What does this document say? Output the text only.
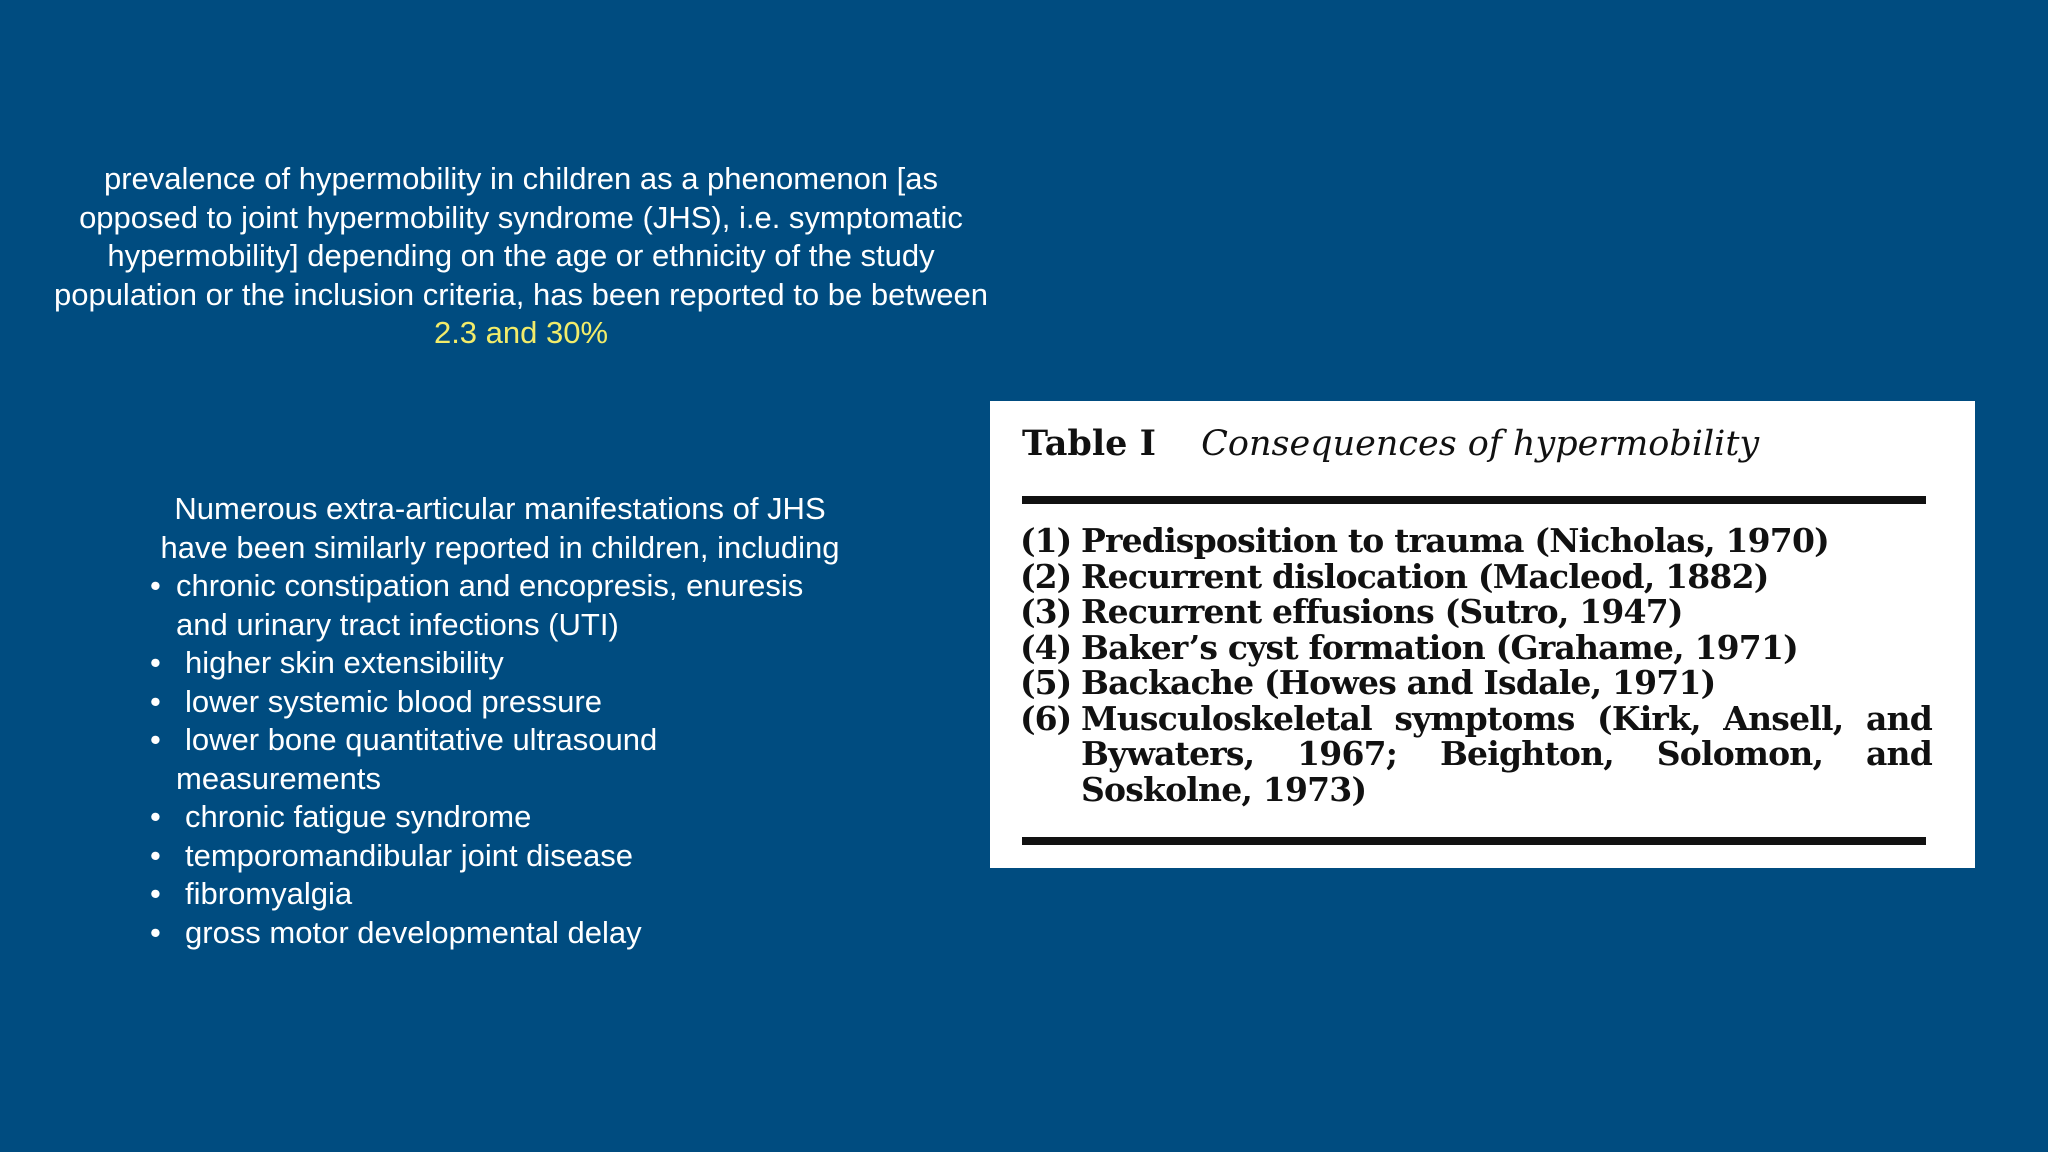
prevalence of hypermobility in children as a phenomenon [as opposed to joint hypermobility syndrome (JHS), i.e. symptomatic hypermobility] depending on the age or ethnicity of the study population or the inclusion criteria, has been reported to be between 2.3 and 30%
Numerous extra-articular manifestations of JHS have been similarly reported in children, including
• chronic constipation and encopresis, enuresis and urinary tract infections (UTI)
• higher skin extensibility
• lower systemic blood pressure
• lower bone quantitative ultrasound measurements
• chronic fatigue syndrome
• temporomandibular joint disease
• fibromyalgia
• gross motor developmental delay
Table I Consequences of hypermobility
(1) Predisposition to trauma (Nicholas, 1970)
(2) Recurrent dislocation (Macleod, 1882)
(3) Recurrent effusions (Sutro, 1947)
(4) Baker’s cyst formation (Grahame, 1971)
(5) Backache (Howes and Isdale, 1971)
(6) Musculoskeletal symptoms (Kirk, Ansell, and Bywaters, 1967; Beighton, Solomon, and Soskolne, 1973)
